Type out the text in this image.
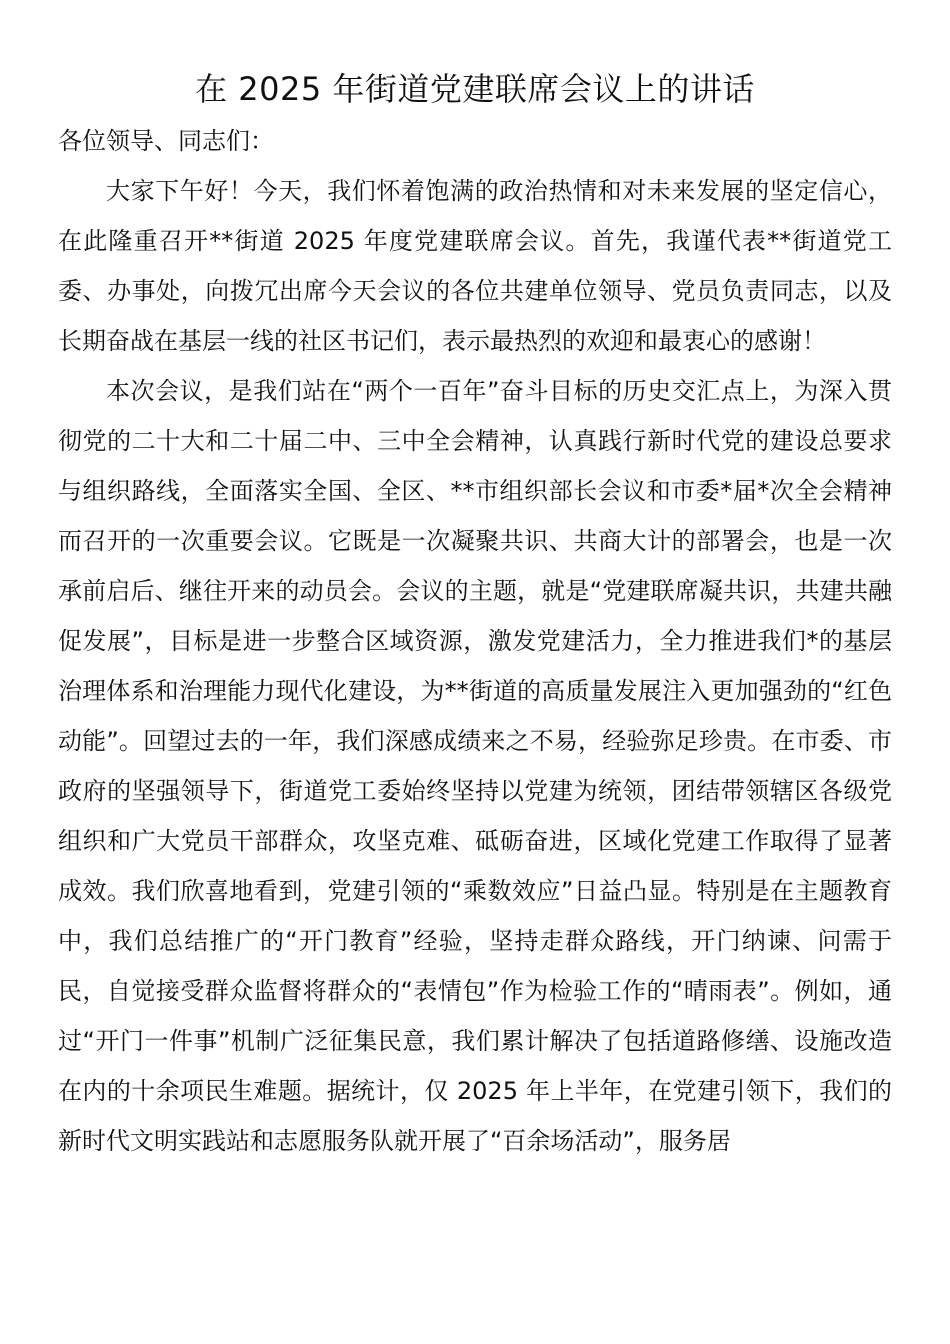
在 2025 年街道党建联席会议上的讲话

各位领导、同志们：

大家下午好！今天，我们怀着饱满的政治热情和对未来发展的坚定信心，在此隆重召开**街道 2025 年度党建联席会议。首先，我谨代表**街道党工委、办事处，向拨冗出席今天会议的各位共建单位领导、党员负责同志，以及长期奋战在基层一线的社区书记们，表示最热烈的欢迎和最衷心的感谢！

本次会议，是我们站在“两个一百年”奋斗目标的历史交汇点上，为深入贯彻党的二十大和二十届二中、三中全会精神，认真践行新时代党的建设总要求与组织路线，全面落实全国、全区、**市组织部长会议和市委*届*次全会精神而召开的一次重要会议。它既是一次凝聚共识、共商大计的部署会，也是一次承前启后、继往开来的动员会。会议的主题，就是“党建联席凝共识，共建共融促发展”，目标是进一步整合区域资源，激发党建活力，全力推进我们*的基层治理体系和治理能力现代化建设，为**街道的高质量发展注入更加强劲的“红色动能”。回望过去的一年，我们深感成绩来之不易，经验弥足珍贵。在市委、市政府的坚强领导下，街道党工委始终坚持以党建为统领，团结带领辖区各级党组织和广大党员干部群众，攻坚克难、砥砺奋进，区域化党建工作取得了显著成效。我们欣喜地看到，党建引领的“乘数效应”日益凸显。特别是在主题教育中，我们总结推广的“开门教育”经验，坚持走群众路线，开门纳谏、问需于民，自觉接受群众监督将群众的“表情包”作为检验工作的“晴雨表”。例如，通过“开门一件事”机制广泛征集民意，我们累计解决了包括道路修缮、设施改造在内的十余项民生难题。据统计，仅 2025 年上半年，在党建引领下，我们的新时代文明实践站和志愿服务队就开展了“百余场活动”，服务居
